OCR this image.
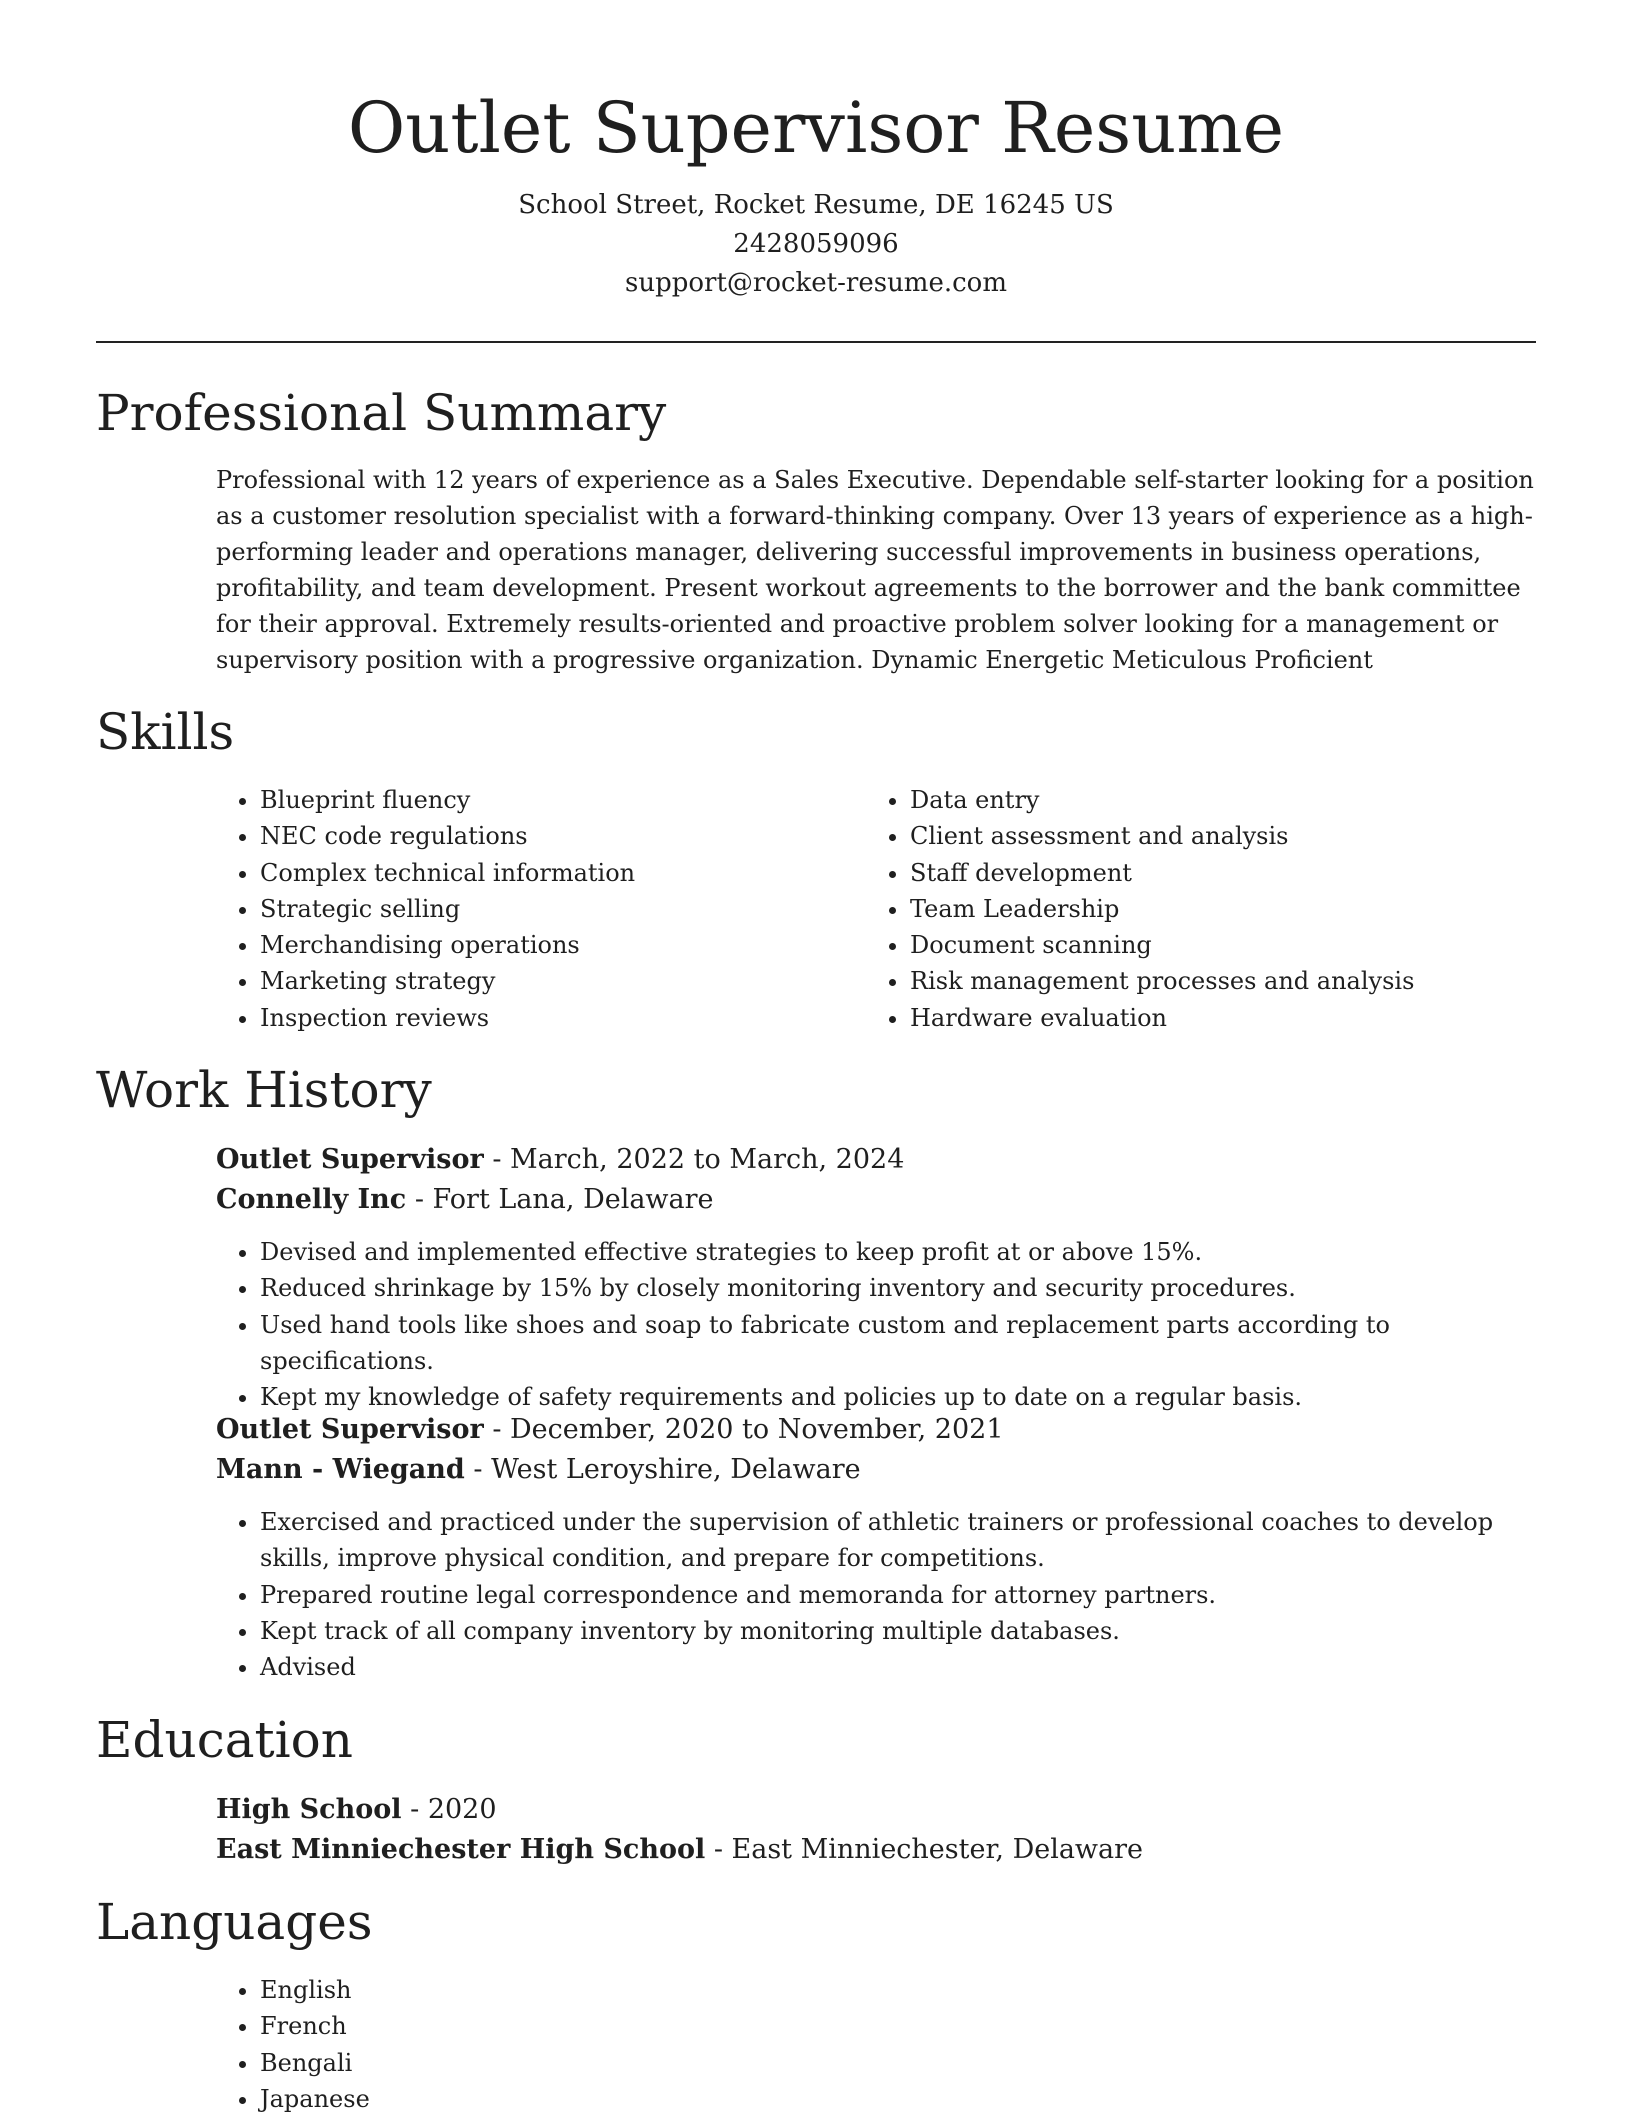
Outlet Supervisor Resume
School Street, Rocket Resume, DE 16245 US
2428059096
support@rocket-resume.com
Professional Summary
Professional with 12 years of experience as a Sales Executive. Dependable self-starter looking for a position as a customer resolution specialist with a forward-thinking company. Over 13 years of experience as a high-performing leader and operations manager, delivering successful improvements in business operations, profitability, and team development. Present workout agreements to the borrower and the bank committee for their approval. Extremely results-oriented and proactive problem solver looking for a management or supervisory position with a progressive organization. Dynamic Energetic Meticulous Proficient
Skills
• Blueprint fluency
• NEC code regulations
• Complex technical information
• Strategic selling
• Merchandising operations
• Marketing strategy
• Inspection reviews
• Data entry
• Client assessment and analysis
• Staff development
• Team Leadership
• Document scanning
• Risk management processes and analysis
• Hardware evaluation
Work History
Outlet Supervisor - March, 2022 to March, 2024
Connelly Inc - Fort Lana, Delaware
• Devised and implemented effective strategies to keep profit at or above 15%.
• Reduced shrinkage by 15% by closely monitoring inventory and security procedures.
• Used hand tools like shoes and soap to fabricate custom and replacement parts according to specifications.
• Kept my knowledge of safety requirements and policies up to date on a regular basis.
Outlet Supervisor - December, 2020 to November, 2021
Mann - Wiegand - West Leroyshire, Delaware
• Exercised and practiced under the supervision of athletic trainers or professional coaches to develop skills, improve physical condition, and prepare for competitions.
• Prepared routine legal correspondence and memoranda for attorney partners.
• Kept track of all company inventory by monitoring multiple databases.
• Advised
Education
High School - 2020
East Minniechester High School - East Minniechester, Delaware
Languages
• English
• French
• Bengali
• Japanese
